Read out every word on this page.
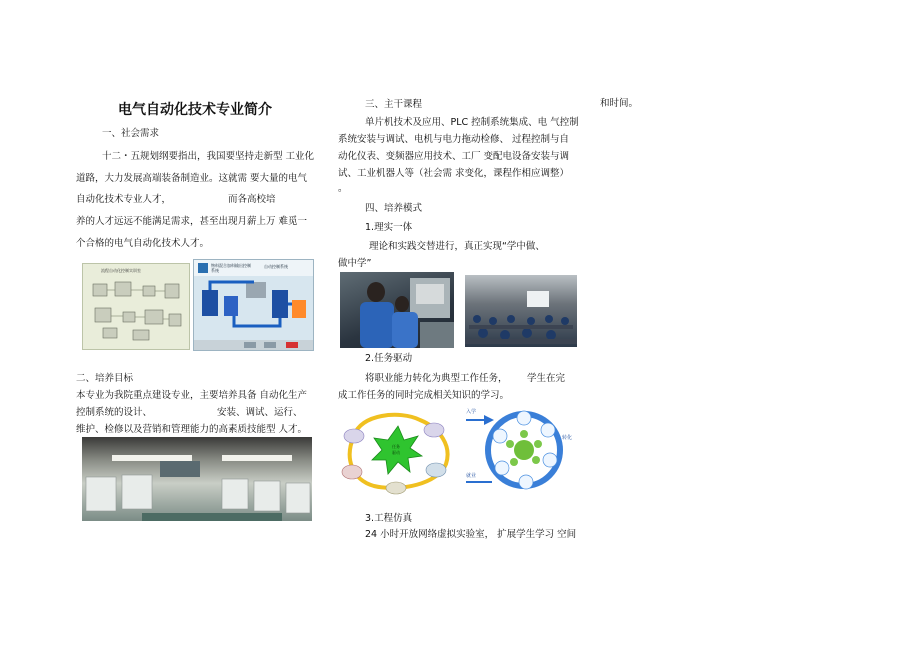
电气自动化技术专业简介
一、社会需求
十二・五规划纲要指出，我国要坚持走新型 工业化
道路，大力发展高端装备制造业。这就需 要大量的电气
自动化技术专业人才，	而各高校培
养的人才远远不能满足需求，甚至出现月薪上万 难觅一
个合格的电气自动化技术人才。
流程自动化控制实训室
物料混合加料输出控制系统
自动控制系统
二、培养目标
本专业为我院重点建设专业，主要培养具备 自动化生产
控制系统的设计、	安装、调试、运行、
维护、检修以及营销和管理能力的高素质技能型 人才。
三、主干课程
单片机技术及应用、PLC 控制系统集成、电 气控制
系统安装与调试、电机与电力拖动检修、 过程控制与自
动化仪表、变频器应用技术、工厂 变配电设备安装与调
试、工业机器人等（社会需 求变化，课程作相应调整）
。
四、培养模式
1.理实一体
理论和实践交替进行，真正实现“学中做、
做中学”
2.任务驱动
将职业能力转化为典型工作任务， 学生在完
成工作任务的同时完成相关知识的学习。
任务
驱动
入学
就业
转化
3.工程仿真
24 小时开放网络虚拟实验室， 扩展学生学习 空间
和时间。
